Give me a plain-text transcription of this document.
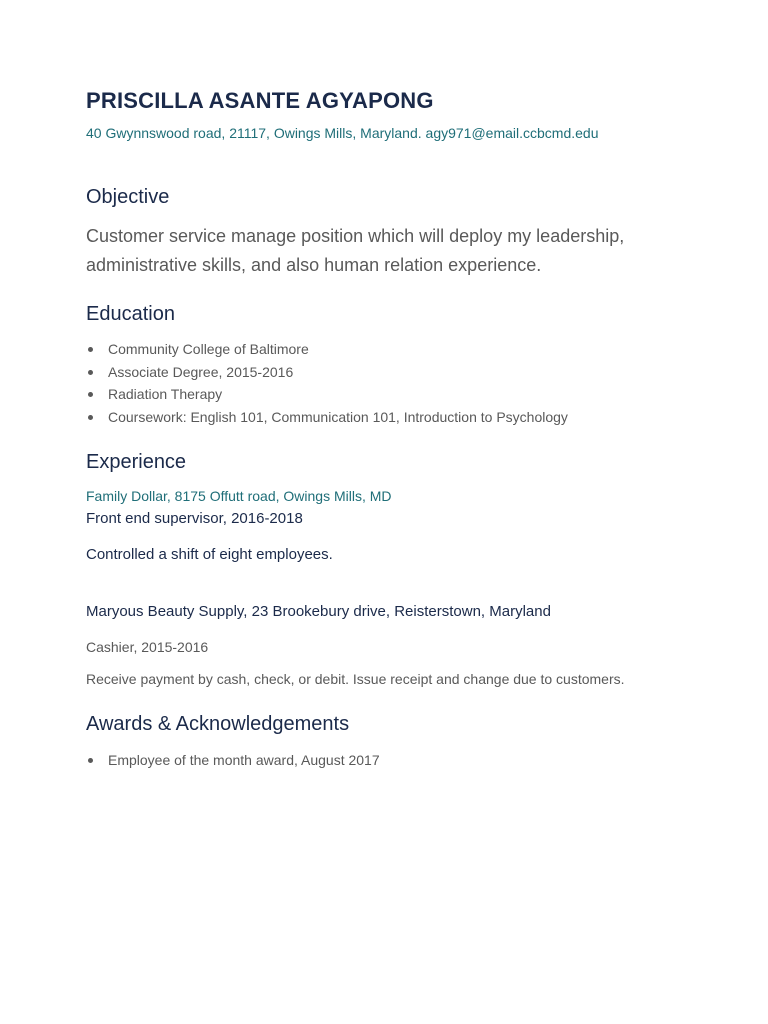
PRISCILLA ASANTE AGYAPONG
40 Gwynnswood road, 21117, Owings Mills, Maryland. agy971@email.ccbcmd.edu
Objective
Customer service manage position which will deploy my leadership, administrative skills, and also human relation experience.
Education
Community College of Baltimore
Associate Degree, 2015-2016
Radiation Therapy
Coursework: English 101, Communication 101, Introduction to Psychology
Experience
Family Dollar, 8175 Offutt road, Owings Mills, MD
Front end supervisor, 2016-2018
Controlled a shift of eight employees.
Maryous Beauty Supply, 23 Brookebury drive, Reisterstown, Maryland
Cashier, 2015-2016
Receive payment by cash, check, or debit. Issue receipt and change due to customers.
Awards & Acknowledgements
Employee of the month award, August 2017
